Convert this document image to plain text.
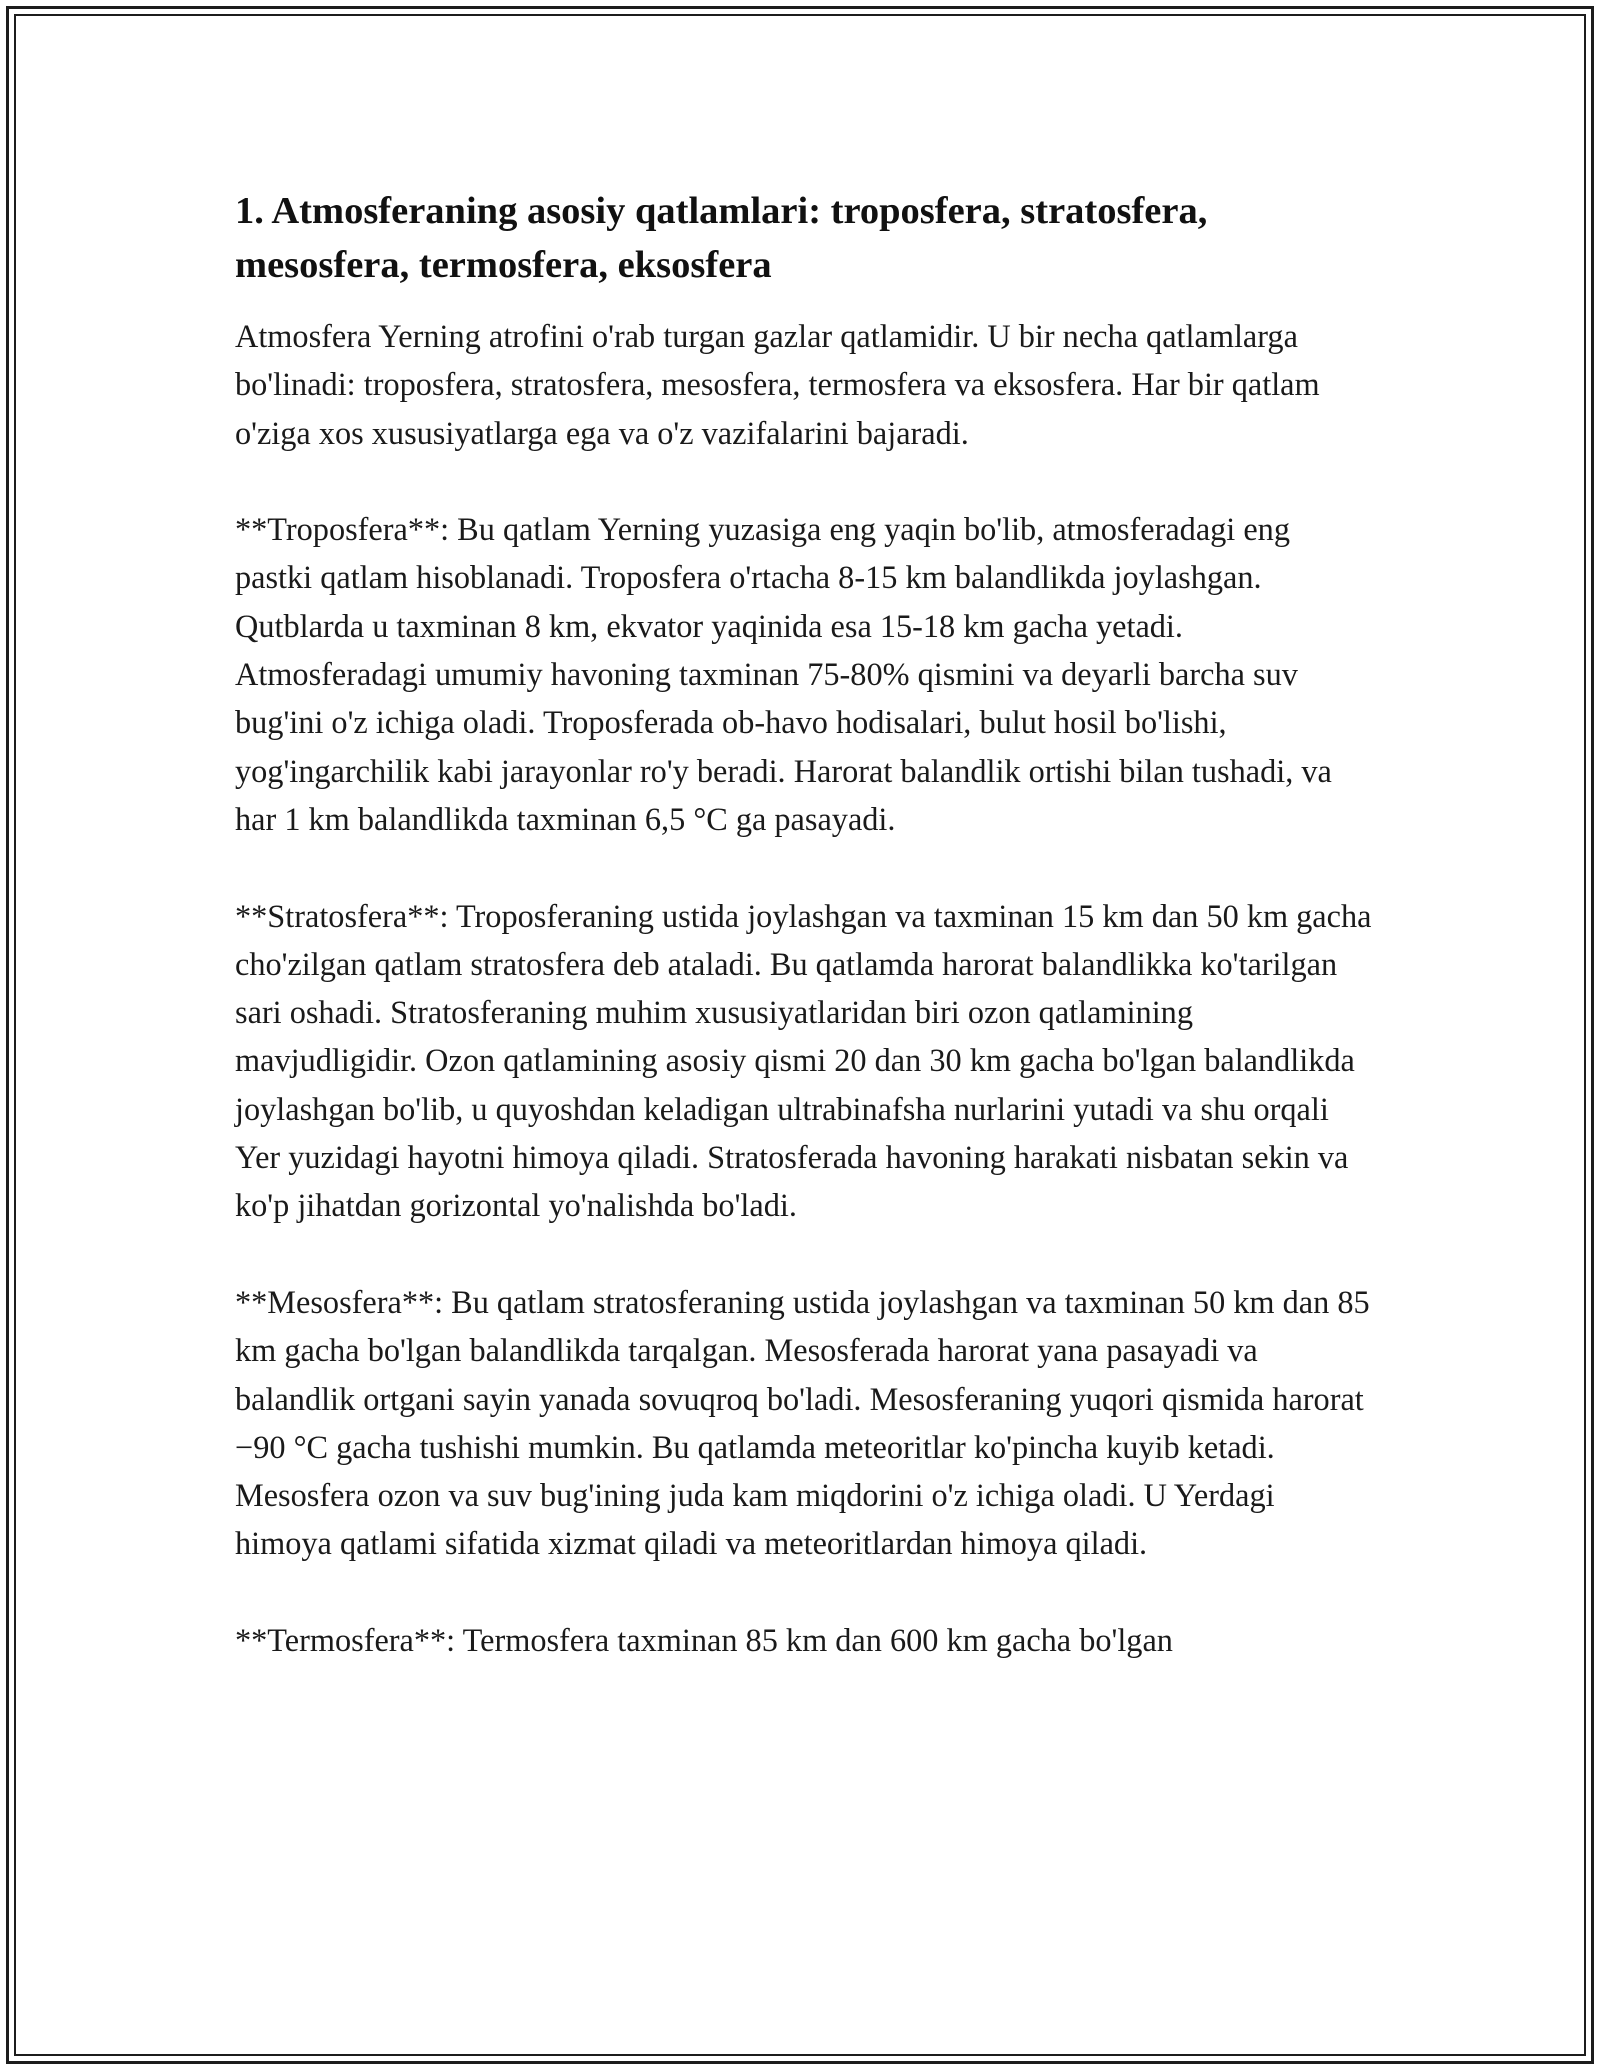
1. Atmosferaning asosiy qatlamlari: troposfera, stratosfera,
mesosfera, termosfera, eksosfera

Atmosfera Yerning atrofini o'rab turgan gazlar qatlamidir. U bir necha qatlamlarga bo'linadi: troposfera, stratosfera, mesosfera, termosfera va eksosfera. Har bir qatlam o'ziga xos xususiyatlarga ega va o'z vazifalarini bajaradi.

**Troposfera**: Bu qatlam Yerning yuzasiga eng yaqin bo'lib, atmosferadagi eng pastki qatlam hisoblanadi. Troposfera o'rtacha 8-15 km balandlikda joylashgan. Qutblarda u taxminan 8 km, ekvator yaqinida esa 15-18 km gacha yetadi. Atmosferadagi umumiy havoning taxminan 75-80% qismini va deyarli barcha suv bug'ini o'z ichiga oladi. Troposferada ob-havo hodisalari, bulut hosil bo'lishi, yog'ingarchilik kabi jarayonlar ro'y beradi. Harorat balandlik ortishi bilan tushadi, va har 1 km balandlikda taxminan 6,5 °C ga pasayadi.

**Stratosfera**: Troposferaning ustida joylashgan va taxminan 15 km dan 50 km gacha cho'zilgan qatlam stratosfera deb ataladi. Bu qatlamda harorat balandlikka ko'tarilgan sari oshadi. Stratosferaning muhim xususiyatlaridan biri ozon qatlamining mavjudligidir. Ozon qatlamining asosiy qismi 20 dan 30 km gacha bo'lgan balandlikda joylashgan bo'lib, u quyoshdan keladigan ultrabinafsha nurlarini yutadi va shu orqali Yer yuzidagi hayotni himoya qiladi. Stratosferada havoning harakati nisbatan sekin va ko'p jihatdan gorizontal yo'nalishda bo'ladi.

**Mesosfera**: Bu qatlam stratosferaning ustida joylashgan va taxminan 50 km dan 85 km gacha bo'lgan balandlikda tarqalgan. Mesosferada harorat yana pasayadi va balandlik ortgani sayin yanada sovuqroq bo'ladi. Mesosferaning yuqori qismida harorat −90 °C gacha tushishi mumkin. Bu qatlamda meteoritlar ko'pincha kuyib ketadi. Mesosfera ozon va suv bug'ining juda kam miqdorini o'z ichiga oladi. U Yerdagi himoya qatlami sifatida xizmat qiladi va meteoritlardan himoya qiladi.

**Termosfera**: Termosfera taxminan 85 km dan 600 km gacha bo'lgan
